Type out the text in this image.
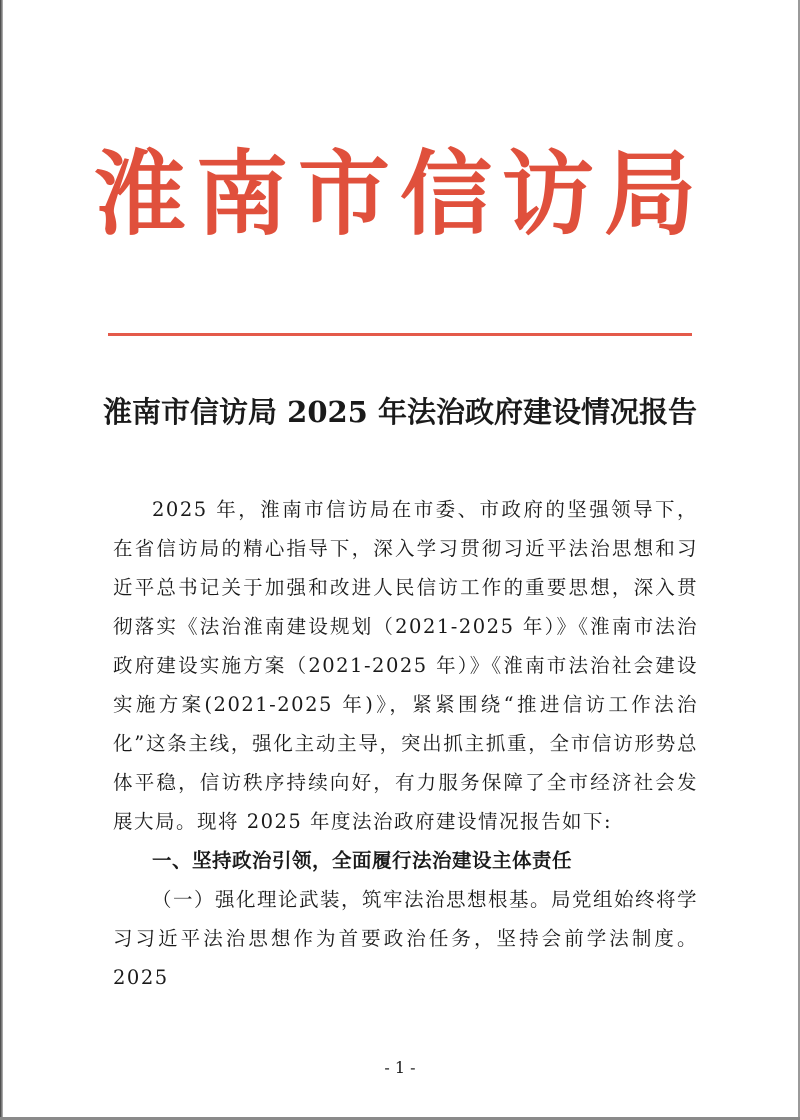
淮南市信访局
淮南市信访局 2025 年法治政府建设情况报告

2025 年，淮南市信访局在市委、市政府的坚强领导下，在省信访局的精心指导下，深入学习贯彻习近平法治思想和习近平总书记关于加强和改进人民信访工作的重要思想，深入贯彻落实《法治淮南建设规划（2021-2025 年）》《淮南市法治政府建设实施方案（2021-2025 年）》《淮南市法治社会建设实施方案(2021-2025 年)》，紧紧围绕“推进信访工作法治化”这条主线，强化主动主导，突出抓主抓重，全市信访形势总体平稳，信访秩序持续向好，有力服务保障了全市经济社会发展大局。现将 2025 年度法治政府建设情况报告如下:

一、坚持政治引领，全面履行法治建设主体责任

（一）强化理论武装，筑牢法治思想根基。局党组始终将学习习近平法治思想作为首要政治任务，坚持会前学法制度。2025

- 1 -
